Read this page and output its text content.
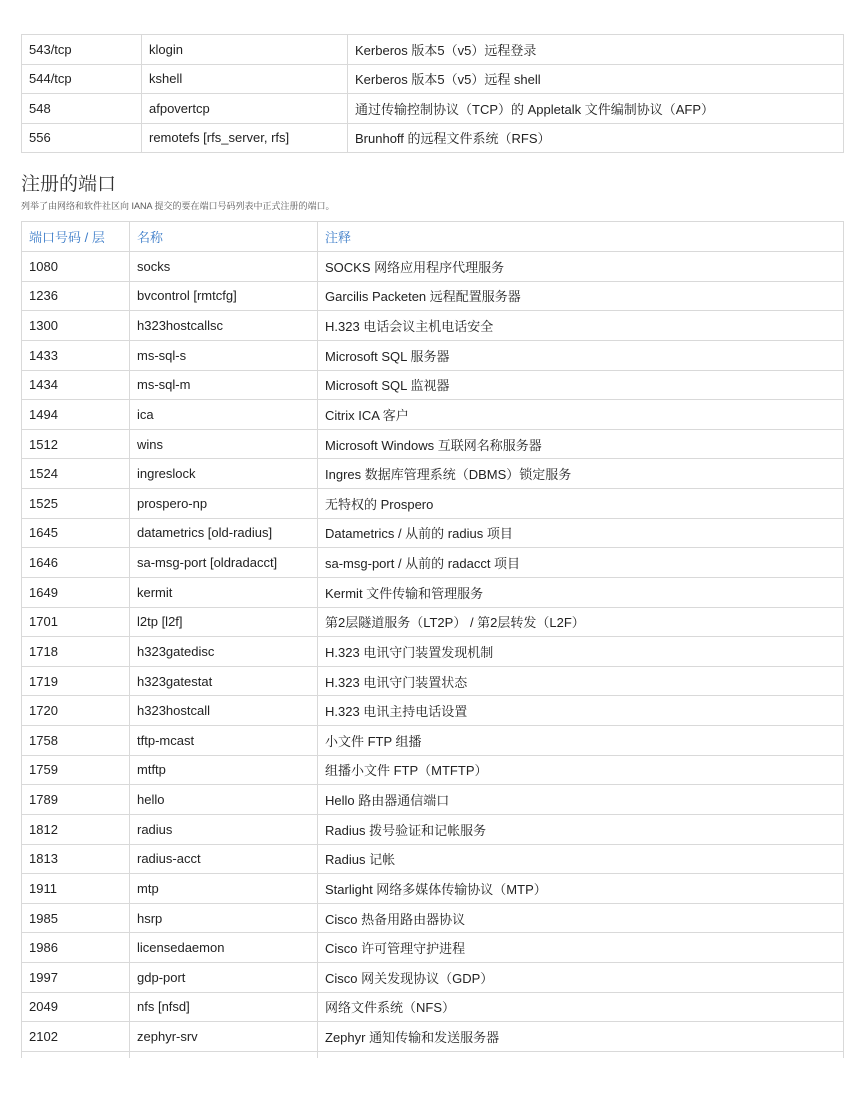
543/tcp	klogin	Kerberos 版本5（v5）远程登录
544/tcp	kshell	Kerberos 版本5（v5）远程 shell
548	afpovertcp	通过传输控制协议（TCP）的 Appletalk 文件编制协议（AFP）
556	remotefs [rfs_server, rfs]	Brunhoff 的远程文件系统（RFS）
注册的端口

列举了由网络和软件社区向 IANA 提交的要在端口号码列表中正式注册的端口。

端口号码 / 层	名称	注释
1080	socks	SOCKS 网络应用程序代理服务
1236	bvcontrol [rmtcfg]	Garcilis Packeten 远程配置服务器
1300	h323hostcallsc	H.323 电话会议主机电话安全
1433	ms-sql-s	Microsoft SQL 服务器
1434	ms-sql-m	Microsoft SQL 监视器
1494	ica	Citrix ICA 客户
1512	wins	Microsoft Windows 互联网名称服务器
1524	ingreslock	Ingres 数据库管理系统（DBMS）锁定服务
1525	prospero-np	无特权的 Prospero
1645	datametrics [old-radius]	Datametrics / 从前的 radius 项目
1646	sa-msg-port [oldradacct]	sa-msg-port / 从前的 radacct 项目
1649	kermit	Kermit 文件传输和管理服务
1701	l2tp [l2f]	第2层隧道服务（LT2P） / 第2层转发（L2F）
1718	h323gatedisc	H.323 电讯守门装置发现机制
1719	h323gatestat	H.323 电讯守门装置状态
1720	h323hostcall	H.323 电讯主持电话设置
1758	tftp-mcast	小文件 FTP 组播
1759	mtftp	组播小文件 FTP（MTFTP）
1789	hello	Hello 路由器通信端口
1812	radius	Radius 拨号验证和记帐服务
1813	radius-acct	Radius 记帐
1911	mtp	Starlight 网络多媒体传输协议（MTP）
1985	hsrp	Cisco 热备用路由器协议
1986	licensedaemon	Cisco 许可管理守护进程
1997	gdp-port	Cisco 网关发现协议（GDP）
2049	nfs [nfsd]	网络文件系统（NFS）
2102	zephyr-srv	Zephyr 通知传输和发送服务器
